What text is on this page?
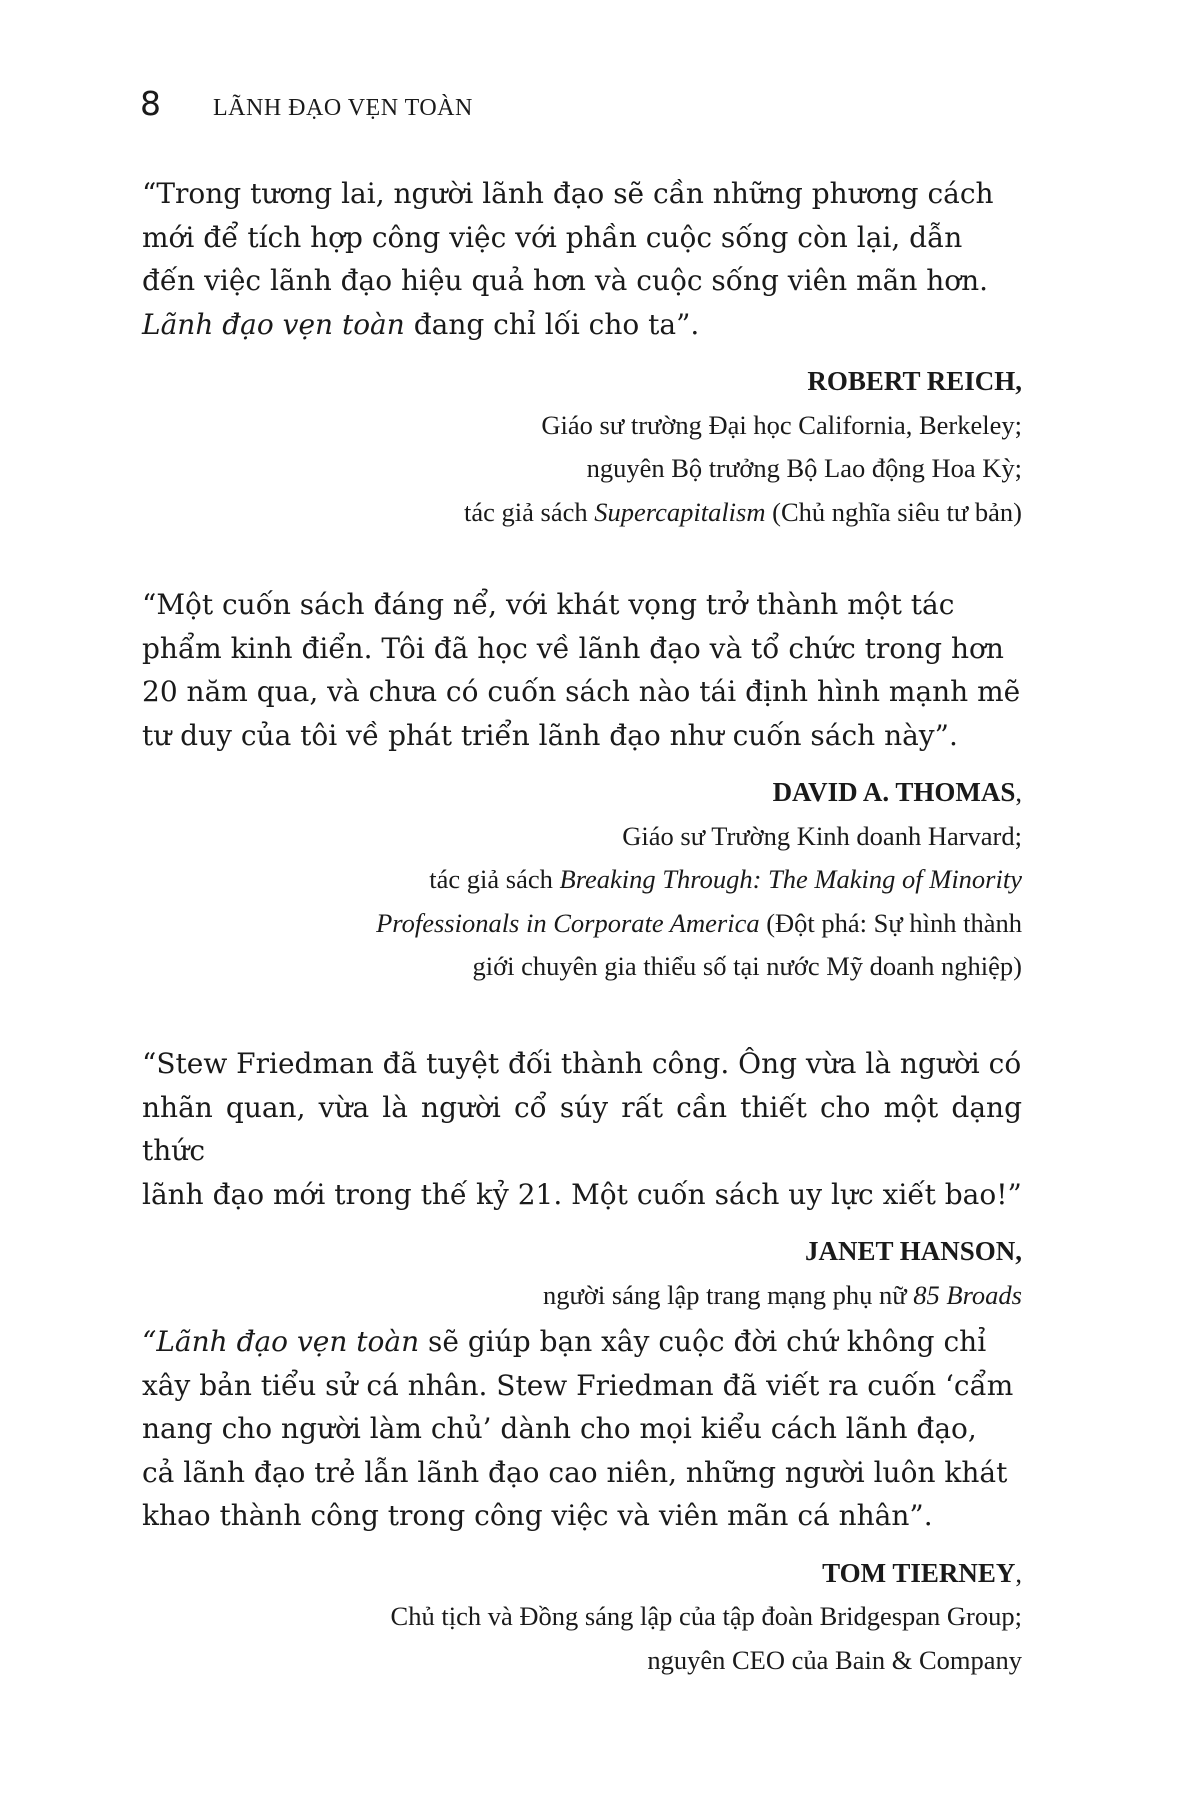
8 LÃNH ĐẠO VẸN TOÀN

“Trong tương lai, người lãnh đạo sẽ cần những phương cách
mới để tích hợp công việc với phần cuộc sống còn lại, dẫn
đến việc lãnh đạo hiệu quả hơn và cuộc sống viên mãn hơn.
Lãnh đạo vẹn toàn đang chỉ lối cho ta”.

ROBERT REICH,
Giáo sư trường Đại học California, Berkeley;
nguyên Bộ trưởng Bộ Lao động Hoa Kỳ;
tác giả sách Supercapitalism (Chủ nghĩa siêu tư bản)

“Một cuốn sách đáng nể, với khát vọng trở thành một tác
phẩm kinh điển. Tôi đã học về lãnh đạo và tổ chức trong hơn
20 năm qua, và chưa có cuốn sách nào tái định hình mạnh mẽ
tư duy của tôi về phát triển lãnh đạo như cuốn sách này”.

DAVID A. THOMAS,
Giáo sư Trường Kinh doanh Harvard;
tác giả sách Breaking Through: The Making of Minority
Professionals in Corporate America (Đột phá: Sự hình thành
giới chuyên gia thiểu số tại nước Mỹ doanh nghiệp)

“Stew Friedman đã tuyệt đối thành công. Ông vừa là người có
nhãn quan, vừa là người cổ súy rất cần thiết cho một dạng thức
lãnh đạo mới trong thế kỷ 21. Một cuốn sách uy lực xiết bao!”

JANET HANSON,
người sáng lập trang mạng phụ nữ 85 Broads

“Lãnh đạo vẹn toàn sẽ giúp bạn xây cuộc đời chứ không chỉ
xây bản tiểu sử cá nhân. Stew Friedman đã viết ra cuốn ‘cẩm
nang cho người làm chủ’ dành cho mọi kiểu cách lãnh đạo,
cả lãnh đạo trẻ lẫn lãnh đạo cao niên, những người luôn khát
khao thành công trong công việc và viên mãn cá nhân”.

TOM TIERNEY,
Chủ tịch và Đồng sáng lập của tập đoàn Bridgespan Group;
nguyên CEO của Bain & Company
